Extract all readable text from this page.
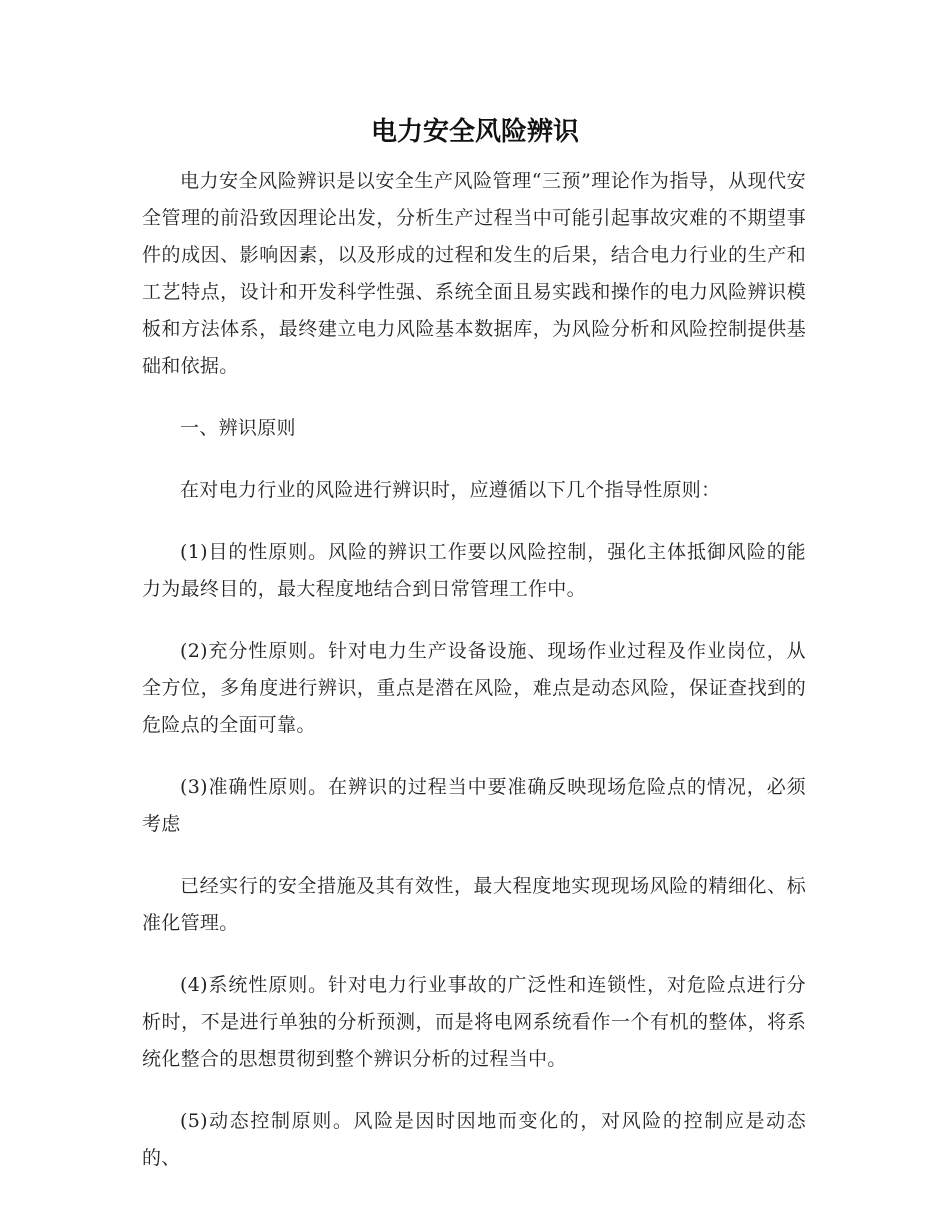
电力安全风险辨识

电力安全风险辨识是以安全生产风险管理“三预”理论作为指导，从现代安全管理的前沿致因理论出发，分析生产过程当中可能引起事故灾难的不期望事件的成因、影响因素，以及形成的过程和发生的后果，结合电力行业的生产和工艺特点，设计和开发科学性强、系统全面且易实践和操作的电力风险辨识模板和方法体系，最终建立电力风险基本数据库，为风险分析和风险控制提供基础和依据。

一、辨识原则

在对电力行业的风险进行辨识时，应遵循以下几个指导性原则：

(1)目的性原则。风险的辨识工作要以风险控制，强化主体抵御风险的能力为最终目的，最大程度地结合到日常管理工作中。

(2)充分性原则。针对电力生产设备设施、现场作业过程及作业岗位，从全方位，多角度进行辨识，重点是潜在风险，难点是动态风险，保证查找到的危险点的全面可靠。

(3)准确性原则。在辨识的过程当中要准确反映现场危险点的情况，必须考虑

已经实行的安全措施及其有效性，最大程度地实现现场风险的精细化、标准化管理。

(4)系统性原则。针对电力行业事故的广泛性和连锁性，对危险点进行分析时，不是进行单独的分析预测，而是将电网系统看作一个有机的整体，将系统化整合的思想贯彻到整个辨识分析的过程当中。

(5)动态控制原则。风险是因时因地而变化的，对风险的控制应是动态的、
